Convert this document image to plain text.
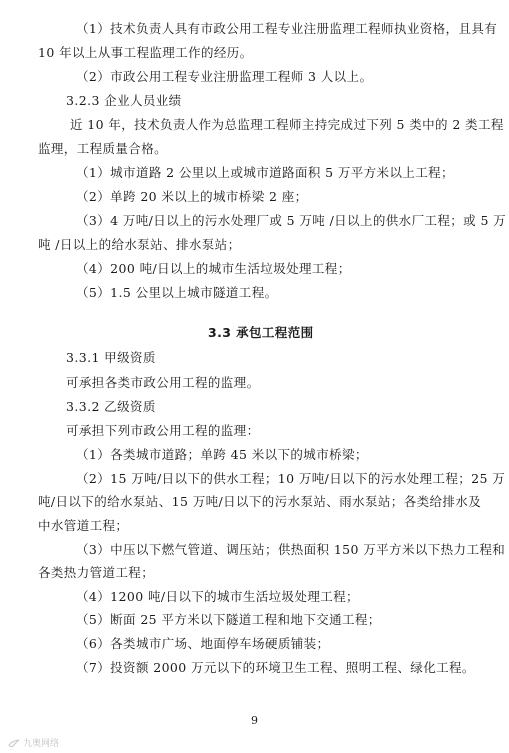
（1）技术负责人具有市政公用工程专业注册监理工程师执业资格，且具有
10 年以上从事工程监理工作的经历。
（2）市政公用工程专业注册监理工程师 3 人以上。
3.2.3 企业人员业绩
近 10 年，技术负责人作为总监理工程师主持完成过下列 5 类中的 2 类工程
监理，工程质量合格。
（1）城市道路 2 公里以上或城市道路面积 5 万平方米以上工程；
（2）单跨 20 米以上的城市桥梁 2 座；
（3）4 万吨/日以上的污水处理厂或 5 万吨 /日以上的供水厂工程；或 5 万
吨 /日以上的给水泵站、排水泵站；
（4）200 吨/日以上的城市生活垃圾处理工程；
（5）1.5 公里以上城市隧道工程。
3.3 承包工程范围
3.3.1 甲级资质
可承担各类市政公用工程的监理。
3.3.2 乙级资质
可承担下列市政公用工程的监理：
（1）各类城市道路；单跨 45 米以下的城市桥梁；
（2）15 万吨/日以下的供水工程；10 万吨/日以下的污水处理工程；25 万
吨/日以下的给水泵站、15 万吨/日以下的污水泵站、雨水泵站；各类给排水及
中水管道工程；
（3）中压以下燃气管道、调压站；供热面积 150 万平方米以下热力工程和
各类热力管道工程；
（4）1200 吨/日以下的城市生活垃圾处理工程；
（5）断面 25 平方米以下隧道工程和地下交通工程；
（6）各类城市广场、地面停车场硬质铺装；
（7）投资额 2000 万元以下的环境卫生工程、照明工程、绿化工程。
9
九奥网络
